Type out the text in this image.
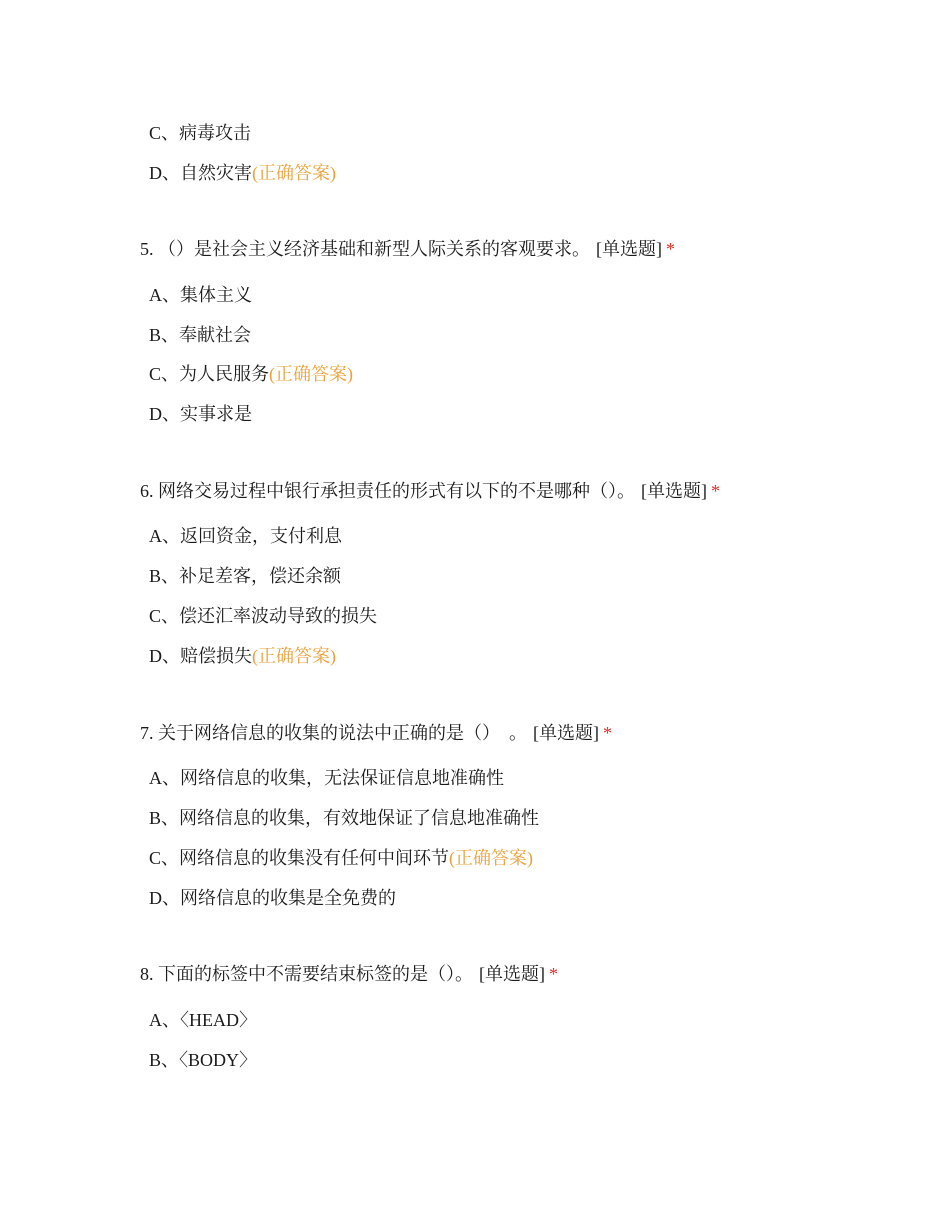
C、病毒攻击
D、自然灾害(正确答案)
5. （）是社会主义经济基础和新型人际关系的客观要求。 [单选题] *
A、集体主义
B、奉献社会
C、为人民服务(正确答案)
D、实事求是
6. 网络交易过程中银行承担责任的形式有以下的不是哪种（）。 [单选题] *
A、返回资金，支付利息
B、补足差客，偿还余额
C、偿还汇率波动导致的损失
D、赔偿损失(正确答案)
7. 关于网络信息的收集的说法中正确的是（）　。 [单选题] *
A、网络信息的收集，无法保证信息地准确性
B、网络信息的收集，有效地保证了信息地准确性
C、网络信息的收集没有任何中间环节(正确答案)
D、网络信息的收集是全免费的
8. 下面的标签中不需要结束标签的是（）。 [单选题] *
A、〈HEAD〉
B、〈BODY〉
